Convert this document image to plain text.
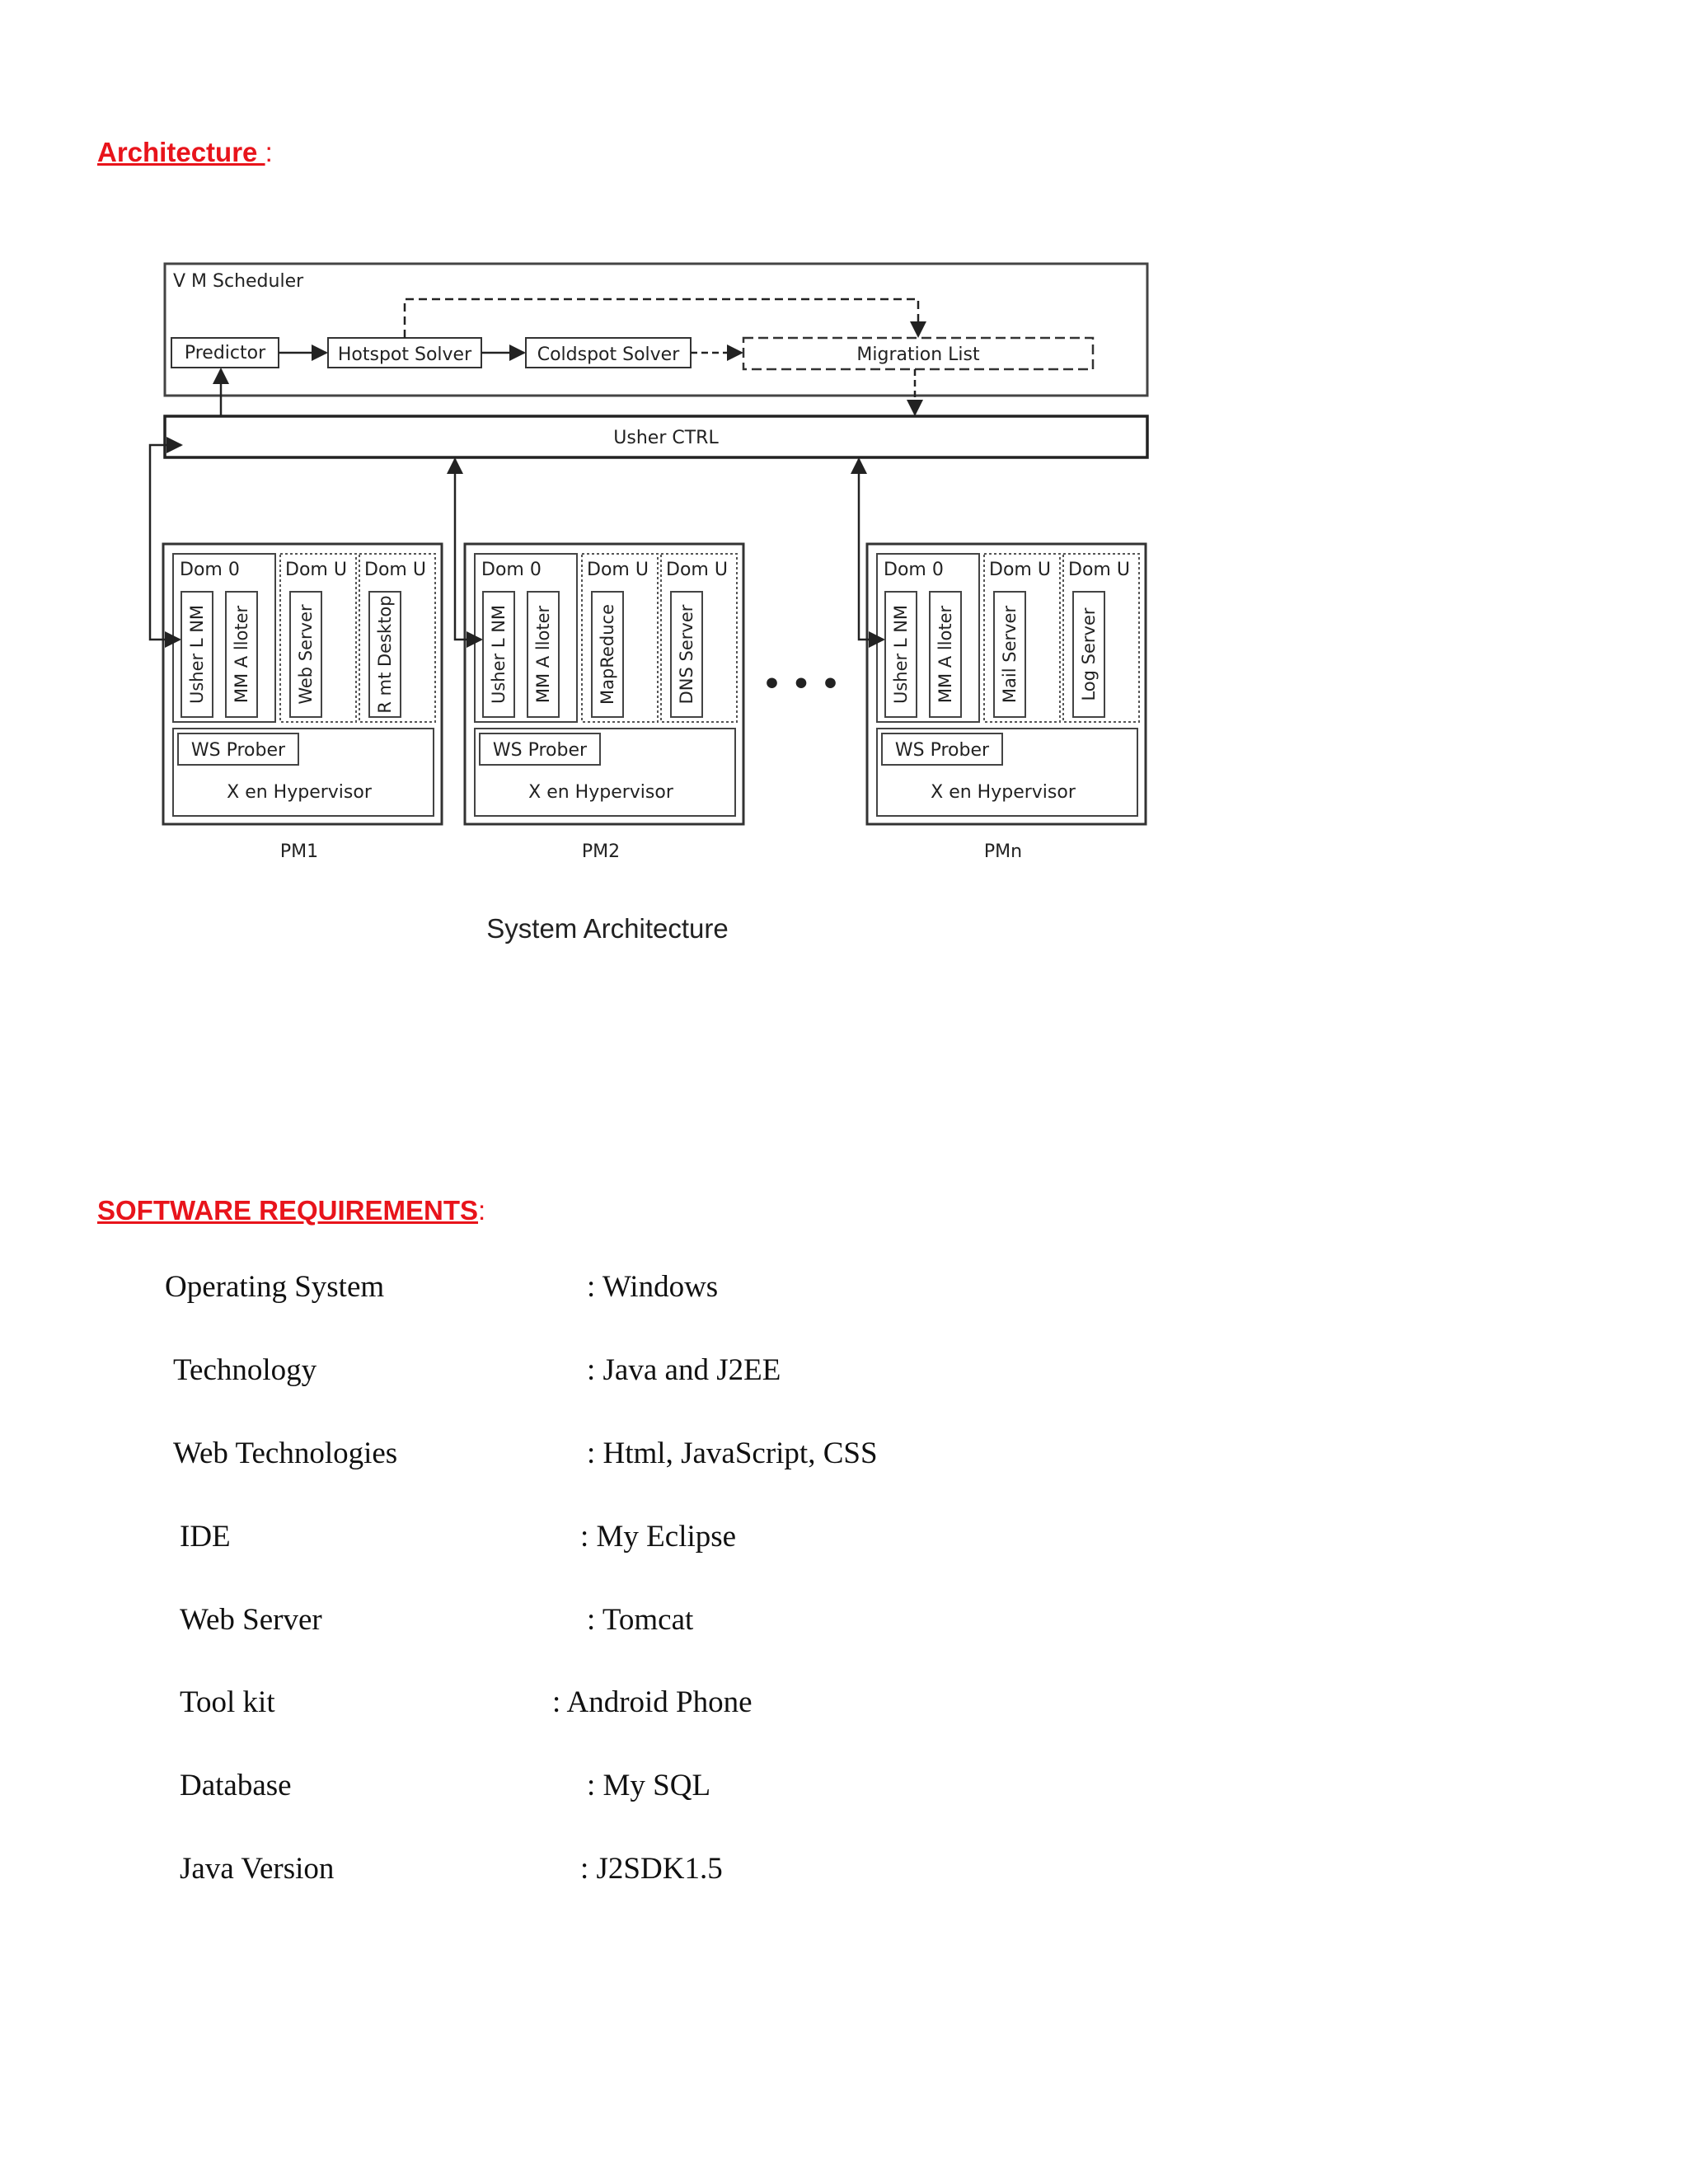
Architecture :

V M Scheduler
Predictor	Hotspot Solver	Coldspot Solver	Migration List
Usher CTRL
Dom 0
Usher L NM MM A lloter
Dom U
Web Server
Dom U
R mt Desktop
WS Prober
X en Hypervisor
PM1
Dom 0
Usher L NM MM A lloter
Dom U
MapReduce
Dom U
DNS Server
WS Prober
X en Hypervisor
PM2
• • •
Dom 0
Usher L NM MM A lloter
Dom U
Mail Server
Dom U
Log Server
WS Prober
X en Hypervisor
PMn
System Architecture

SOFTWARE REQUIREMENTS:

Operating System	: Windows
Technology	: Java and J2EE
Web Technologies	: Html, JavaScript, CSS
IDE	: My Eclipse
Web Server	: Tomcat
Tool kit	: Android Phone
Database	: My SQL
Java Version	: J2SDK1.5
